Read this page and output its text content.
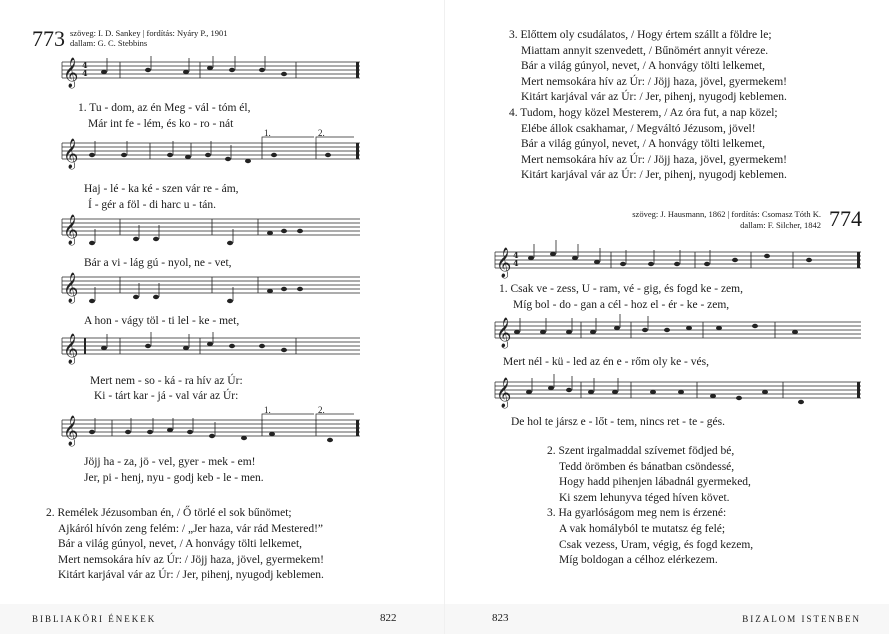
773 szöveg: I. D. Sankey | fordítás: Nyáry P., 1901
dallam: G. C. Stebbins
𝄞
𝄞
𝄞
𝄞
𝄞
𝄞
4
4
1.	2.
1.	2.
1. Tu - dom, az én Meg - vál - tóm él,
Már int fe - lém, és ko - ro - nát
Haj - lé - ka ké - szen vár re - ám,
Í - gér a föl - di harc u - tán.
Bár a vi - lág gú - nyol, ne - vet,
A hon - vágy töl - ti lel - ke - met,
Mert nem - so - ká - ra hív az Úr:
Ki - tárt kar - já - val vár az Úr:
Jöjj ha - za, jö - vel, gyer - mek - em!
Jer, pi - henj, nyu - godj keb - le - men.
2. Remélek Jézusomban én, / Ő törlé el sok bűnömet;
Ajkáról hívón zeng felém: / „Jer haza, vár rád Mestered!”
Bár a világ gúnyol, nevet, / A honvágy tölti lelkemet,
Mert nemsokára hív az Úr: / Jöjj haza, jövel, gyermekem!
Kitárt karjával vár az Úr: / Jer, pihenj, nyugodj keblemen.
BIBLIAKÖRI ÉNEKEK	822
3. Előttem oly csudálatos, / Hogy értem szállt a földre le;
Miattam annyit szenvedett, / Bűnömért annyit véreze.
Bár a világ gúnyol, nevet, / A honvágy tölti lelkemet,
Mert nemsokára hív az Úr: / Jöjj haza, jövel, gyermekem!
Kitárt karjával vár az Úr: / Jer, pihenj, nyugodj keblemen.
4. Tudom, hogy közel Mesterem, / Az óra fut, a nap közel;
Elébe állok csakhamar, / Megváltó Jézusom, jövel!
Bár a világ gúnyol, nevet, / A honvágy tölti lelkemet,
Mert nemsokára hív az Úr: / Jöjj haza, jövel, gyermekem!
Kitárt karjával vár az Úr: / Jer, pihenj, nyugodj keblemen.
szöveg: J. Hausmann, 1862 | fordítás: Csomasz Tóth K.
dallam: F. Silcher, 1842 774
𝄞
𝄞
𝄞
4
4
1. Csak ve - zess, U - ram, vé - gig, és fogd ke - zem,
Míg bol - do - gan a cél - hoz el - ér - ke - zem,
Mert nél - kü - led az én e - rőm oly ke - vés,
De hol te jársz e - lőt - tem, nincs ret - te - gés.
2. Szent irgalmaddal szívemet födjed bé,
Tedd örömben és bánatban csöndessé,
Hogy hadd pihenjen lábadnál gyermeked,
Ki szem lehunyva téged híven követ.
3. Ha gyarlóságom meg nem is érzené:
A vak homályból te mutatsz ég felé;
Csak vezess, Uram, végig, és fogd kezem,
Míg boldogan a célhoz elérkezem.
823	BIZALOM ISTENBEN
